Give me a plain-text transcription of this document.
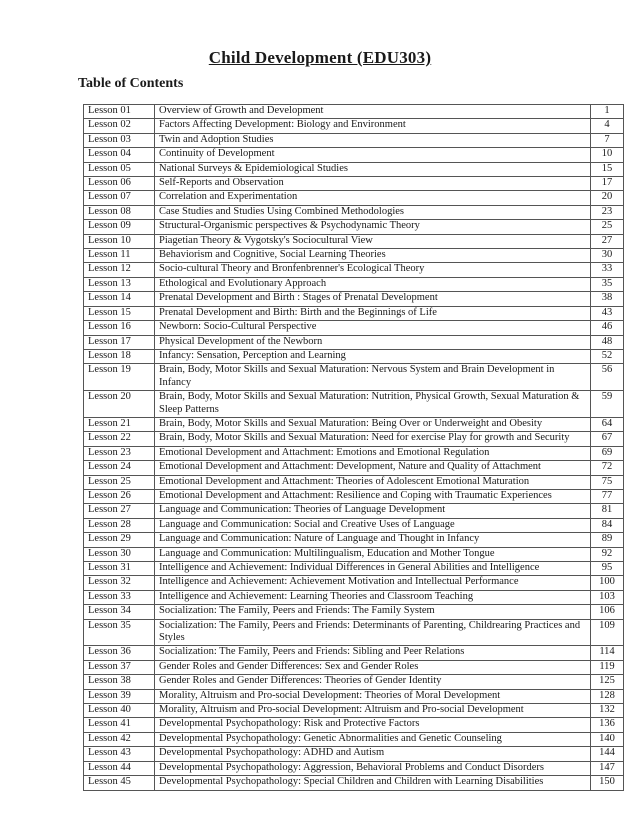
Child Development (EDU303)
Table of Contents
Lesson 01	Overview of Growth and Development	1
Lesson 02	Factors Affecting Development: Biology and Environment	4
Lesson 03	Twin and Adoption Studies	7
Lesson 04	Continuity of Development	10
Lesson 05	National Surveys & Epidemiological Studies	15
Lesson 06	Self-Reports and Observation	17
Lesson 07	Correlation and Experimentation	20
Lesson 08	Case Studies and Studies Using Combined Methodologies	23
Lesson 09	Structural-Organismic perspectives & Psychodynamic Theory	25
Lesson 10	Piagetian Theory & Vygotsky's Sociocultural View	27
Lesson 11	Behaviorism and Cognitive, Social Learning Theories	30
Lesson 12	Socio-cultural Theory and Bronfenbrenner's Ecological Theory	33
Lesson 13	Ethological and Evolutionary Approach	35
Lesson 14	Prenatal Development and Birth : Stages of Prenatal Development	38
Lesson 15	Prenatal Development and Birth: Birth and the Beginnings of Life	43
Lesson 16	Newborn: Socio-Cultural Perspective	46
Lesson 17	Physical Development of the Newborn	48
Lesson 18	Infancy: Sensation, Perception and Learning	52
Lesson 19	Brain, Body, Motor Skills and Sexual Maturation: Nervous System and Brain Development in Infancy	56
Lesson 20	Brain, Body, Motor Skills and Sexual Maturation: Nutrition, Physical Growth, Sexual Maturation & Sleep Patterns	59
Lesson 21	Brain, Body, Motor Skills and Sexual Maturation: Being Over or Underweight and Obesity	64
Lesson 22	Brain, Body, Motor Skills and Sexual Maturation: Need for exercise Play for growth and Security	67
Lesson 23	Emotional Development and Attachment: Emotions and Emotional Regulation	69
Lesson 24	Emotional Development and Attachment: Development, Nature and Quality of Attachment	72
Lesson 25	Emotional Development and Attachment: Theories of Adolescent Emotional Maturation	75
Lesson 26	Emotional Development and Attachment: Resilience and Coping with Traumatic Experiences	77
Lesson 27	Language and Communication: Theories of Language Development	81
Lesson 28	Language and Communication: Social and Creative Uses of Language	84
Lesson 29	Language and Communication: Nature of Language and Thought in Infancy	89
Lesson 30	Language and Communication: Multilingualism, Education and Mother Tongue	92
Lesson 31	Intelligence and Achievement: Individual Differences in General Abilities and Intelligence	95
Lesson 32	Intelligence and Achievement: Achievement Motivation and Intellectual Performance	100
Lesson 33	Intelligence and Achievement: Learning Theories and Classroom Teaching	103
Lesson 34	Socialization: The Family, Peers and Friends: The Family System	106
Lesson 35	Socialization: The Family, Peers and Friends: Determinants of Parenting, Childrearing Practices and Styles	109
Lesson 36	Socialization: The Family, Peers and Friends: Sibling and Peer Relations	114
Lesson 37	Gender Roles and Gender Differences: Sex and Gender Roles	119
Lesson 38	Gender Roles and Gender Differences: Theories of Gender Identity	125
Lesson 39	Morality, Altruism and Pro-social Development: Theories of Moral Development	128
Lesson 40	Morality, Altruism and Pro-social Development: Altruism and Pro-social Development	132
Lesson 41	Developmental Psychopathology: Risk and Protective Factors	136
Lesson 42	Developmental Psychopathology: Genetic Abnormalities and Genetic Counseling	140
Lesson 43	Developmental Psychopathology: ADHD and Autism	144
Lesson 44	Developmental Psychopathology: Aggression, Behavioral Problems and Conduct Disorders	147
Lesson 45	Developmental Psychopathology: Special Children and Children with Learning Disabilities	150
